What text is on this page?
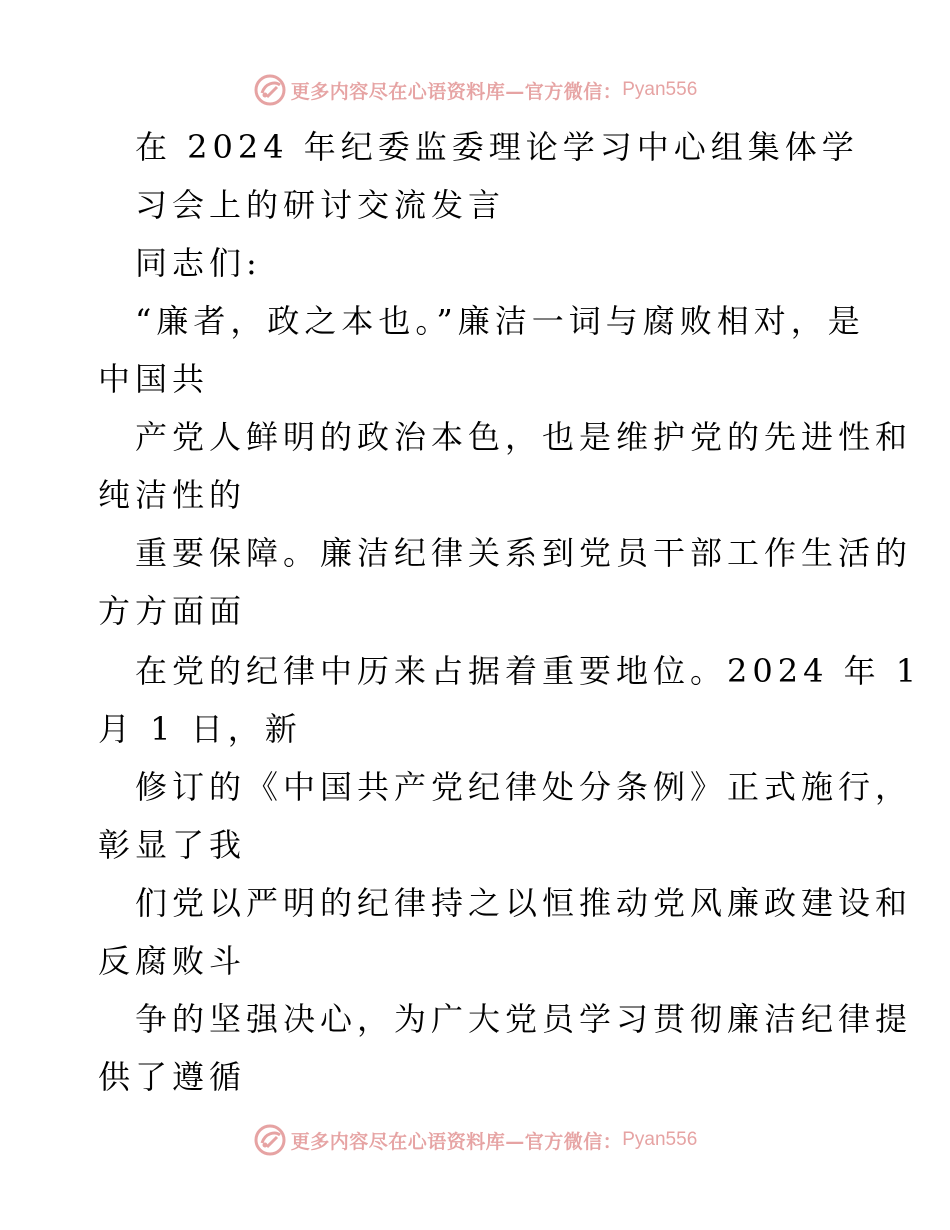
更多内容尽在心语资料库—官方微信： Pyan556
在 2024 年纪委监委理论学习中心组集体学
习会上的研讨交流发言
同志们:
“廉者，政之本也。”廉洁一词与腐败相对，是
中国共
产党人鲜明的政治本色，也是维护党的先进性和
纯洁性的
重要保障。廉洁纪律关系到党员干部工作生活的
方方面面
在党的纪律中历来占据着重要地位。2024 年 1
月 1 日，新
修订的《中国共产党纪律处分条例》正式施行，
彰显了我
们党以严明的纪律持之以恒推动党风廉政建设和
反腐败斗
争的坚强决心，为广大党员学习贯彻廉洁纪律提
供了遵循
更多内容尽在心语资料库—官方微信： Pyan556
